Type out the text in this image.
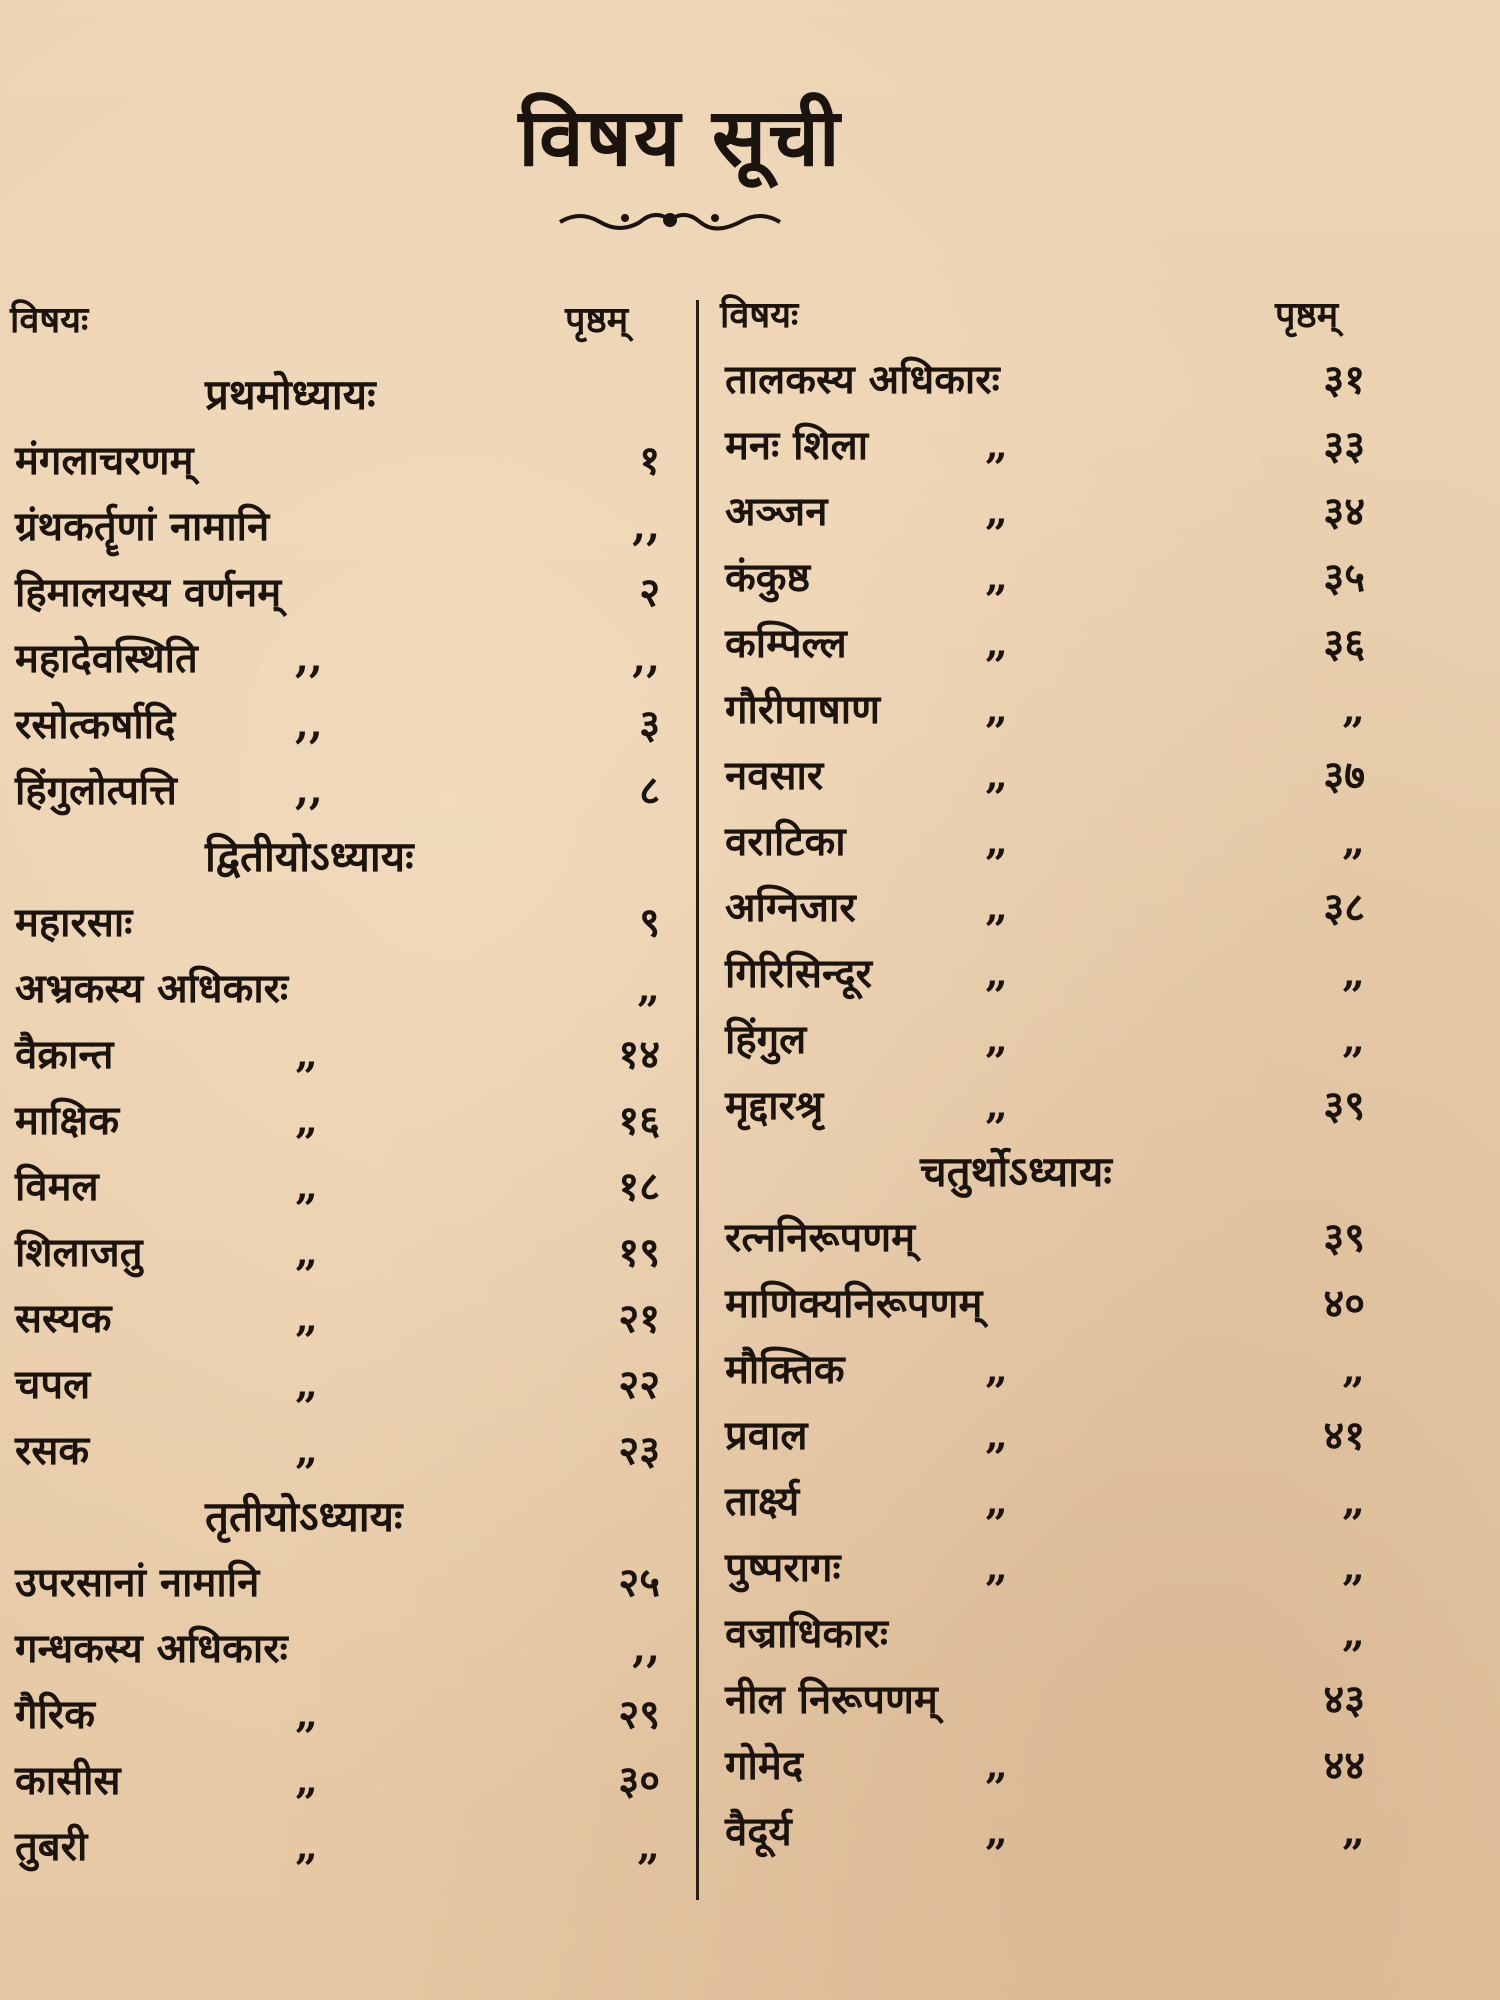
विषय सूची
विषयः	पृष्ठम्
प्रथमोध्यायः
मंगलाचरणम्	१
ग्रंथकर्तॄणां नामानि	,,
हिमालयस्य वर्णनम्	२
महादेवस्थिति ,,	,,
रसोत्कर्षादि	,,	३
हिंगुलोत्पत्ति	,,	८
द्वितीयोऽध्यायः
महारसाः	९
अभ्रकस्य अधिकारः	„
वैक्रान्त	„	१४
माक्षिक	„	१६
विमल	„	१८
शिलाजतु	„	१९
सस्यक	„	२१
चपल	„	२२
रसक	„	२३
तृतीयोऽध्यायः
उपरसानां नामानि	२५
गन्धकस्य अधिकारः	,,
गैरिक	„	२९
कासीस	„	३०
तुबरी	„	„
विषयः	पृष्ठम्
तालकस्य अधिकारः	३१
मनः शिला	„	३३
अञ्जन	„	३४
कंकुष्ठ	„	३५
कम्पिल्ल	„	३६
गौरीपाषाण	„	„
नवसार	„	३७
वराटिका	„	„
अग्निजार	„	३८
गिरिसिन्दूर	„	„
हिंगुल	„	„
मृद्दारश्रृ	„	३९
चतुर्थोऽध्यायः
रत्ननिरूपणम्	३९
माणिक्यनिरूपणम्	४०
मौक्तिक	„	„
प्रवाल	„	४१
तार्क्ष्य	„	„
पुष्परागः	„	„
वज्राधिकारः	„
नील निरूपणम्	४३
गोमेद	„	४४
वैदूर्य	„	„
